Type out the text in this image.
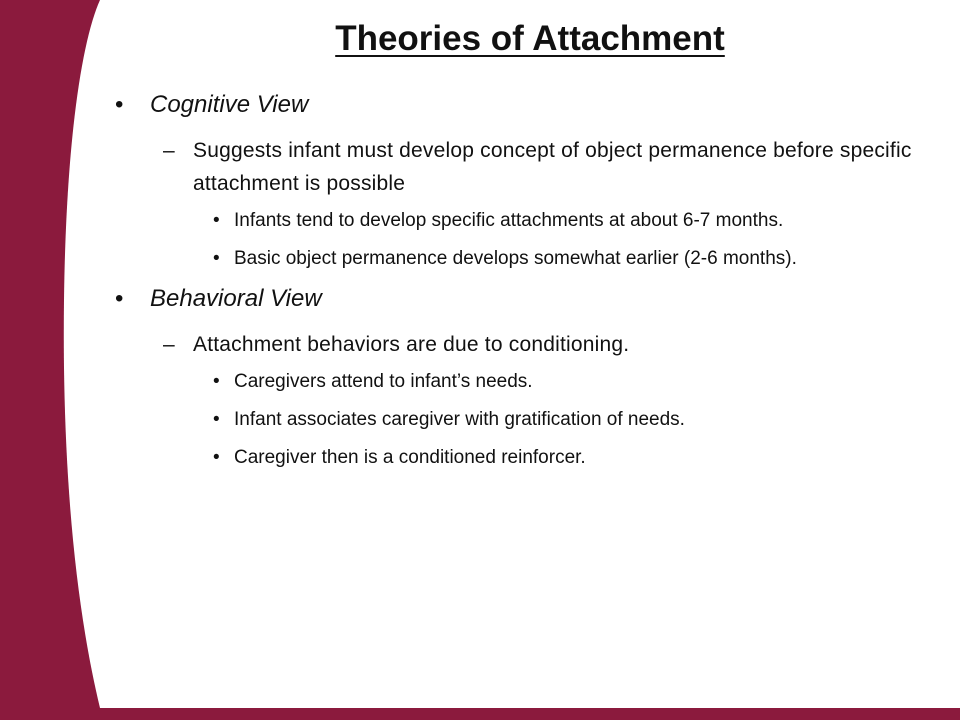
Theories of Attachment
• Cognitive View
– Suggests infant must develop concept of object permanence before specific attachment is possible
• Infants tend to develop specific attachments at about 6-7 months.
• Basic object permanence develops somewhat earlier (2-6 months).
• Behavioral View
– Attachment behaviors are due to conditioning.
• Caregivers attend to infant’s needs.
• Infant associates caregiver with gratification of needs.
• Caregiver then is a conditioned reinforcer.
